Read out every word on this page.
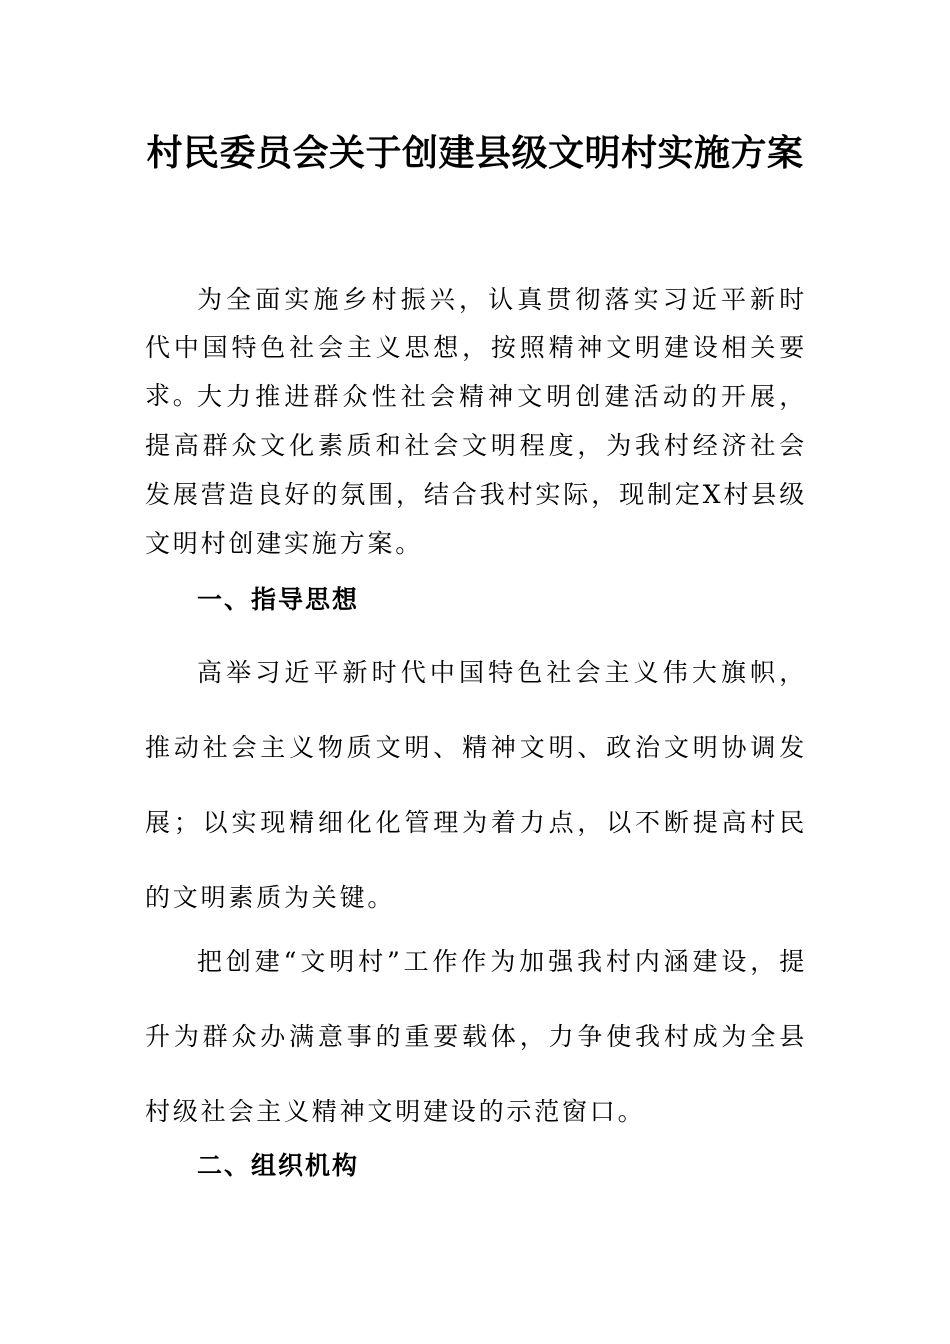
村民委员会关于创建县级文明村实施方案

为全面实施乡村振兴，认真贯彻落实习近平新时代中国特色社会主义思想，按照精神文明建设相关要求。

大力推进群众性社会精神文明创建活动的开展，提高群众文化素质和社会文明程度，为我村经济社会发展营造良好的氛围，结合我村实际，现制定X村县级文明村创建实施方案。

一、指导思想

高举习近平新时代中国特色社会主义伟大旗帜，推动社会主义物质文明、精神文明、政治文明协调发展；以实现精细化化管理为着力点，以不断提高村民的文明素质为关键。

把创建“文明村”工作作为加强我村内涵建设，提升为群众办满意事的重要载体，力争使我村成为全县村级社会主义精神文明建设的示范窗口。

二、组织机构
